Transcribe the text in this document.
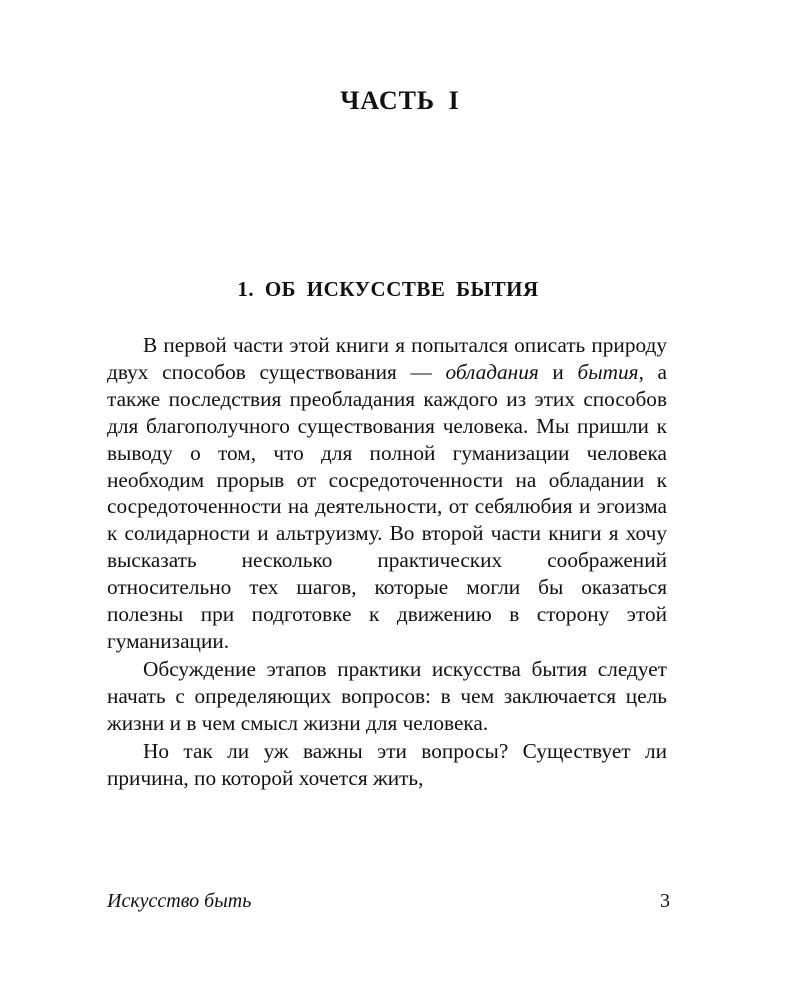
ЧАСТЬ I
1. ОБ ИСКУССТВЕ БЫТИЯ

В первой части этой книги я попытался описать природу двух способов существования — обладания и бытия, а также последствия преобладания каждого из этих способов для благополучного существования человека. Мы пришли к выводу о том, что для полной гуманизации человека необходим прорыв от сосредоточенности на обладании к сосредоточенности на деятельности, от себялюбия и эгоизма к солидарности и альтруизму. Во второй части книги я хочу высказать несколько практических соображений относительно тех шагов, которые могли бы оказаться полезны при подготовке к движению в сторону этой гуманизации.

Обсуждение этапов практики искусства бытия следует начать с определяющих вопросов: в чем заключается цель жизни и в чем смысл жизни для человека.

Но так ли уж важны эти вопросы? Существует ли причина, по которой хочется жить,

Искусство быть	3
